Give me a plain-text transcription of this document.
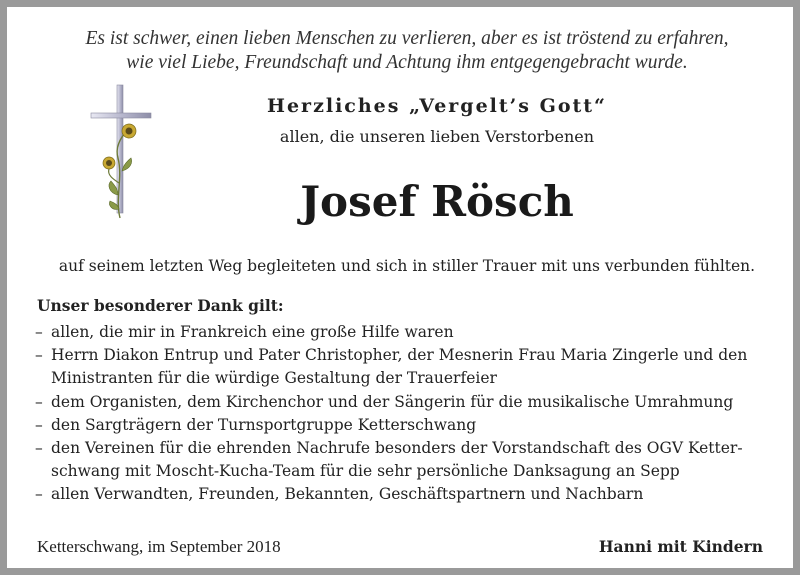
Es ist schwer, einen lieben Menschen zu verlieren, aber es ist tröstend zu erfahren,
wie viel Liebe, Freundschaft und Achtung ihm entgegengebracht wurde.
Herzliches „Vergelt’s Gott“
allen, die unseren lieben Verstorbenen
Josef Rösch
auf seinem letzten Weg begleiteten und sich in stiller Trauer mit uns verbunden fühlten.
Unser besonderer Dank gilt:
– allen, die mir in Frankreich eine große Hilfe waren
– Herrn Diakon Entrup und Pater Christopher, der Mesnerin Frau Maria Zingerle und den
Ministranten für die würdige Gestaltung der Trauerfeier
– dem Organisten, dem Kirchenchor und der Sängerin für die musikalische Umrahmung
– den Sargträgern der Turnsportgruppe Ketterschwang
– den Vereinen für die ehrenden Nachrufe besonders der Vorstandschaft des OGV Ketter-
schwang mit Moscht-Kucha-Team für die sehr persönliche Danksagung an Sepp
– allen Verwandten, Freunden, Bekannten, Geschäftspartnern und Nachbarn
Ketterschwang, im September 2018	Hanni mit Kindern
